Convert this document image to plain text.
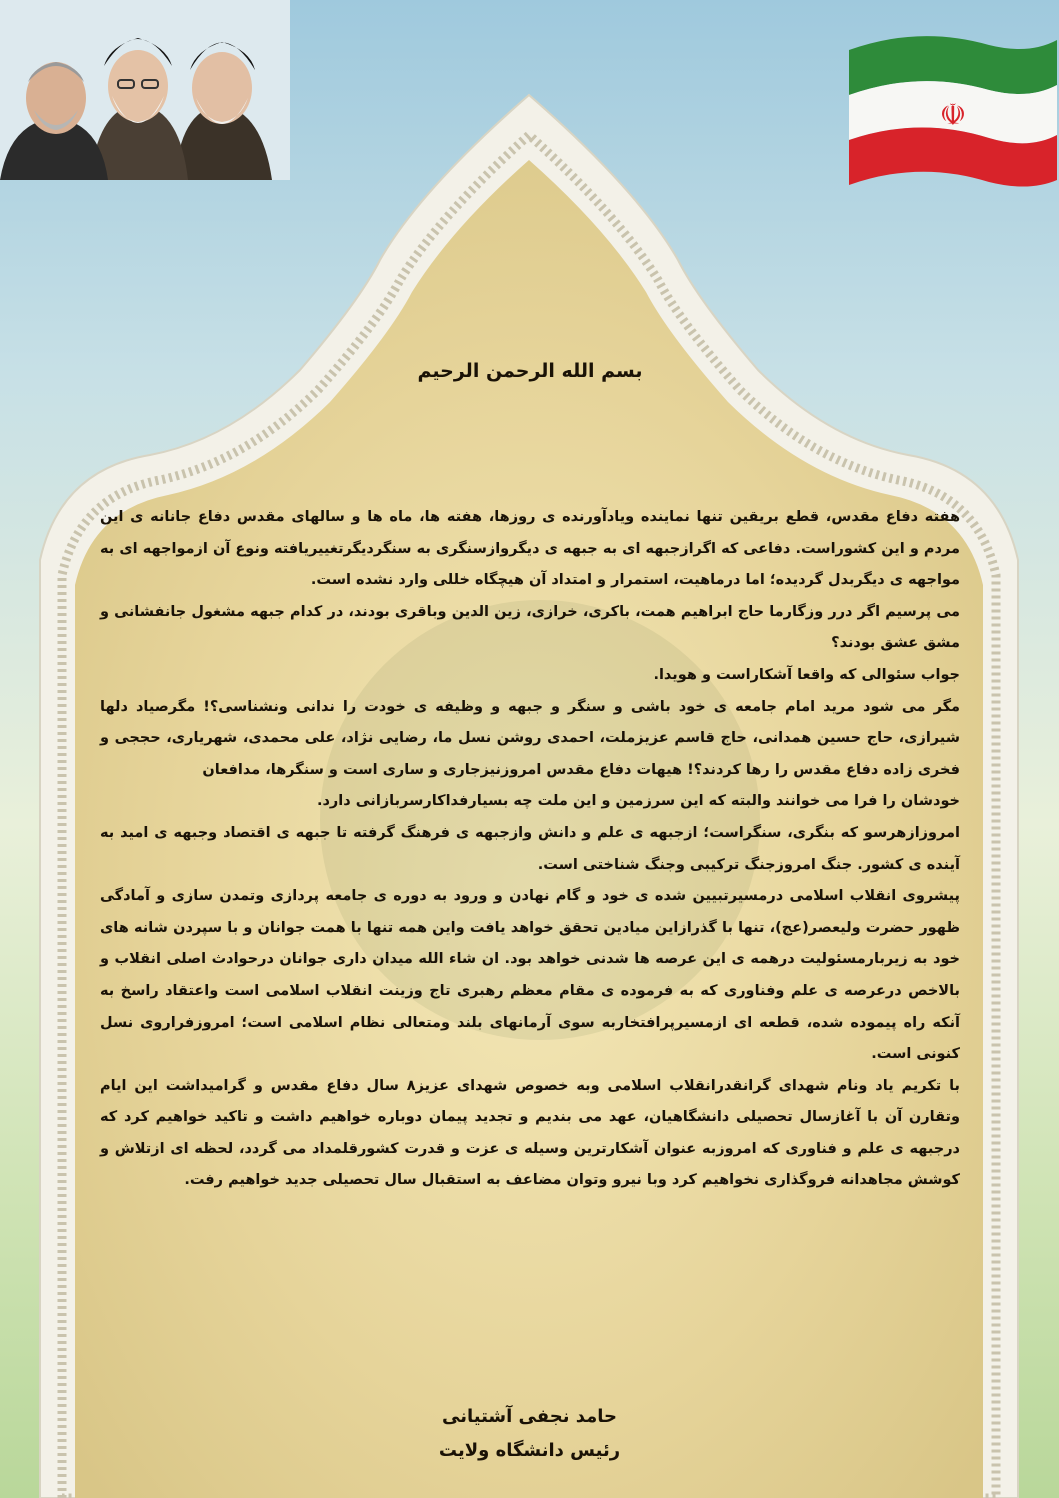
☫

بسم الله الرحمن الرحیم

هفته دفاع مقدس، قطع بریقین تنها نماینده ویادآورنده ی روزها، هفته ها، ماه ها و سالهای مقدس دفاع جانانه ی این مردم و این کشوراست. دفاعی که اگرازجبهه ای به جبهه ی دیگروازسنگری به سنگردیگرتغییریافته ونوع آن ازمواجهه ای به مواجهه ی دیگربدل گردیده؛ اما درماهیت، استمرار و امتداد آن هیچگاه خللی وارد نشده است.

می پرسیم اگر درر وزگارما حاج ابراهیم همت، باکری، خرازی، زین الدین وباقری بودند، در کدام جبهه مشغول جانفشانی و مشق عشق بودند؟

جواب سئوالی که واقعا آشکاراست و هویدا.

مگر می شود مرید امام جامعه ی خود باشی و سنگر و جبهه و وظیفه ی خودت را ندانی ونشناسی؟! مگرصیاد دلها شیرازی، حاج حسین همدانی، حاج قاسم عزیزملت، احمدی روشن نسل ما، رضایی نژاد، علی محمدی، شهریاری، حججی و فخری زاده دفاع مقدس را رها کردند؟! هیهات دفاع مقدس امروزنیزجاری و ساری است و سنگرها، مدافعان

خودشان را فرا می خوانند والبته که این سرزمین و این ملت چه بسیارفداکارسربازانی دارد.

امروزازهرسو که بنگری، سنگراست؛ ازجبهه ی علم و دانش وازجبهه ی فرهنگ گرفته تا جبهه ی اقتصاد وجبهه ی امید به آینده ی کشور. جنگ امروزجنگ ترکیبی وجنگ شناختی است.

پیشروی انقلاب اسلامی درمسیرتبیین شده ی خود و گام نهادن و ورود به دوره ی جامعه پردازی وتمدن سازی و آمادگی ظهور حضرت ولیعصر(عج)، تنها با گذرازاین میادین تحقق خواهد یافت واین همه تنها با همت جوانان و با سپردن شانه های خود به زیربارمسئولیت درهمه ی این عرصه ها شدنی خواهد بود. ان شاء الله میدان داری جوانان درحوادث اصلی انقلاب و بالاخص درعرصه ی علم وفناوری که به فرموده ی مقام معظم رهبری تاج وزینت انقلاب اسلامی است واعتقاد راسخ به آنکه راه پیموده شده، قطعه ای ازمسیرپرافتخاربه سوی آرمانهای بلند ومتعالی نظام اسلامی است؛ امروزفراروی نسل کنونی است.

با تکریم یاد ونام شهدای گرانقدرانقلاب اسلامی وبه خصوص شهدای عزیز۸ سال دفاع مقدس و گرامیداشت این ایام وتقارن آن با آغازسال تحصیلی دانشگاهیان، عهد می بندیم و تجدید پیمان دوباره خواهیم داشت و تاکید خواهیم کرد که درجبهه ی علم و فناوری که امروزبه عنوان آشکارترین وسیله ی عزت و قدرت کشورقلمداد می گردد، لحظه ای ازتلاش و کوشش مجاهدانه فروگذاری نخواهیم کرد وبا نیرو وتوان مضاعف به استقبال سال تحصیلی جدید خواهیم رفت.

حامد نجفی آشتیانی
رئیس دانشگاه ولایت
